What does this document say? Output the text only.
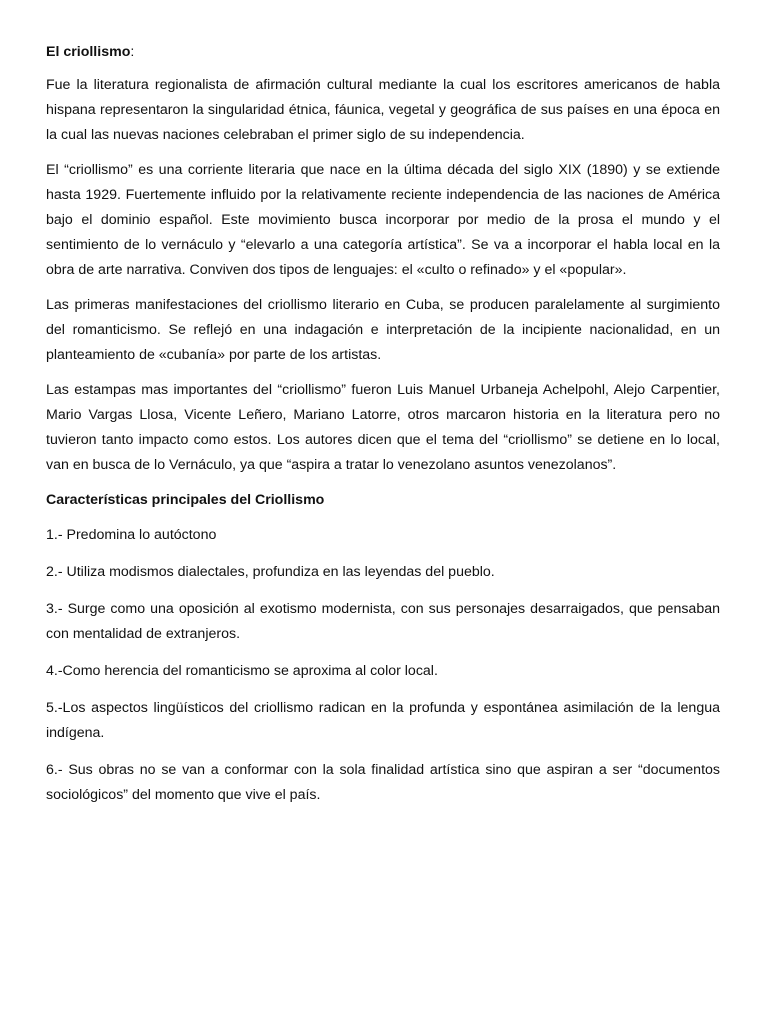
El criollismo:

Fue la literatura regionalista de afirmación cultural mediante la cual los escritores americanos de habla hispana representaron la singularidad étnica, fáunica, vegetal y geográfica de sus países en una época en la cual las nuevas naciones celebraban el primer siglo de su independencia.

El “criollismo” es una corriente literaria que nace en la última década del siglo XIX (1890) y se extiende hasta 1929. Fuertemente influido por la relativamente reciente independencia de las naciones de América bajo el dominio español. Este movimiento busca incorporar por medio de la prosa el mundo y el sentimiento de lo vernáculo y “elevarlo a una categoría artística”. Se va a incorporar el habla local en la obra de arte narrativa. Conviven dos tipos de lenguajes: el «culto o refinado» y el «popular».

Las primeras manifestaciones del criollismo literario en Cuba, se producen paralelamente al surgimiento del romanticismo. Se reflejó en una indagación e interpretación de la incipiente nacionalidad, en un planteamiento de «cubanía» por parte de los artistas.

Las estampas mas importantes del “criollismo” fueron Luis Manuel Urbaneja Achelpohl, Alejo Carpentier, Mario Vargas Llosa, Vicente Leñero, Mariano Latorre, otros marcaron historia en la literatura pero no tuvieron tanto impacto como estos. Los autores dicen que el tema del “criollismo” se detiene en lo local, van en busca de lo Vernáculo, ya que “aspira a tratar lo venezolano asuntos venezolanos”.

Características principales del Criollismo
1.- Predomina lo autóctono
2.- Utiliza modismos dialectales, profundiza en las leyendas del pueblo.
3.- Surge como una oposición al exotismo modernista, con sus personajes desarraigados, que pensaban con mentalidad de extranjeros.
4.-Como herencia del romanticismo se aproxima al color local.
5.-Los aspectos lingüísticos del criollismo radican en la profunda y espontánea asimilación de la lengua indígena.
6.- Sus obras no se van a conformar con la sola finalidad artística sino que aspiran a ser “documentos sociológicos” del momento que vive el país.
